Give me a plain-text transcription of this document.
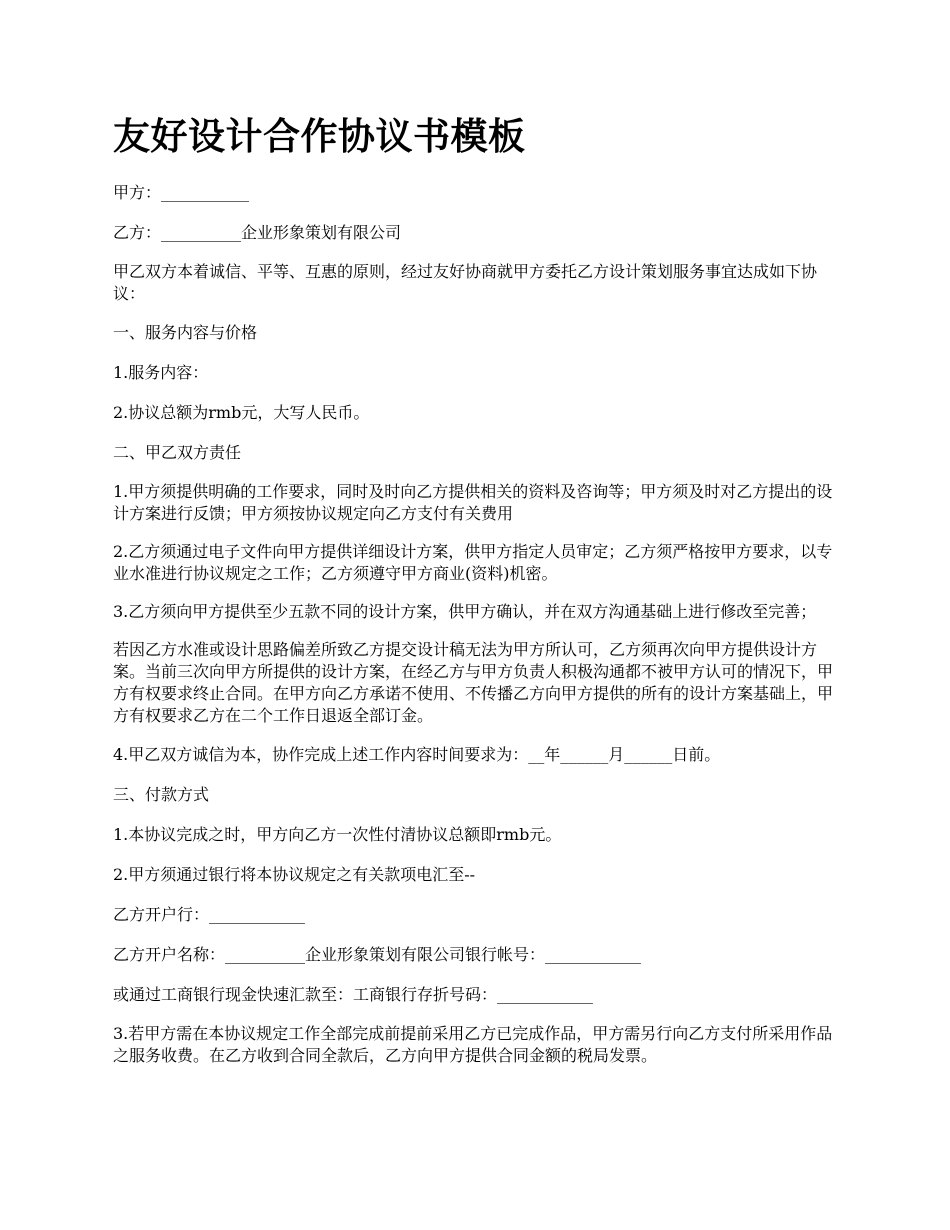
友好设计合作协议书模板

甲方：___________

乙方：__________企业形象策划有限公司

甲乙双方本着诚信、平等、互惠的原则，经过友好协商就甲方委托乙方设计策划服务事宜达成如下协议：

一、服务内容与价格

1.服务内容：

2.协议总额为rmb元，大写人民币。

二、甲乙双方责任

1.甲方须提供明确的工作要求，同时及时向乙方提供相关的资料及咨询等；甲方须及时对乙方提出的设计方案进行反馈；甲方须按协议规定向乙方支付有关费用

2.乙方须通过电子文件向甲方提供详细设计方案，供甲方指定人员审定；乙方须严格按甲方要求，以专业水准进行协议规定之工作；乙方须遵守甲方商业(资料)机密。

3.乙方须向甲方提供至少五款不同的设计方案，供甲方确认，并在双方沟通基础上进行修改至完善；

若因乙方水准或设计思路偏差所致乙方提交设计稿无法为甲方所认可，乙方须再次向甲方提供设计方案。当前三次向甲方所提供的设计方案，在经乙方与甲方负责人积极沟通都不被甲方认可的情况下，甲方有权要求终止合同。在甲方向乙方承诺不使用、不传播乙方向甲方提供的所有的设计方案基础上，甲方有权要求乙方在二个工作日退返全部订金。

4.甲乙双方诚信为本，协作完成上述工作内容时间要求为：__年______月______日前。

三、付款方式

1.本协议完成之时，甲方向乙方一次性付清协议总额即rmb元。

2.甲方须通过银行将本协议规定之有关款项电汇至--

乙方开户行：____________

乙方开户名称：__________企业形象策划有限公司银行帐号：____________

或通过工商银行现金快速汇款至：工商银行存折号码：____________

3.若甲方需在本协议规定工作全部完成前提前采用乙方已完成作品，甲方需另行向乙方支付所采用作品之服务收费。在乙方收到合同全款后，乙方向甲方提供合同金额的税局发票。
